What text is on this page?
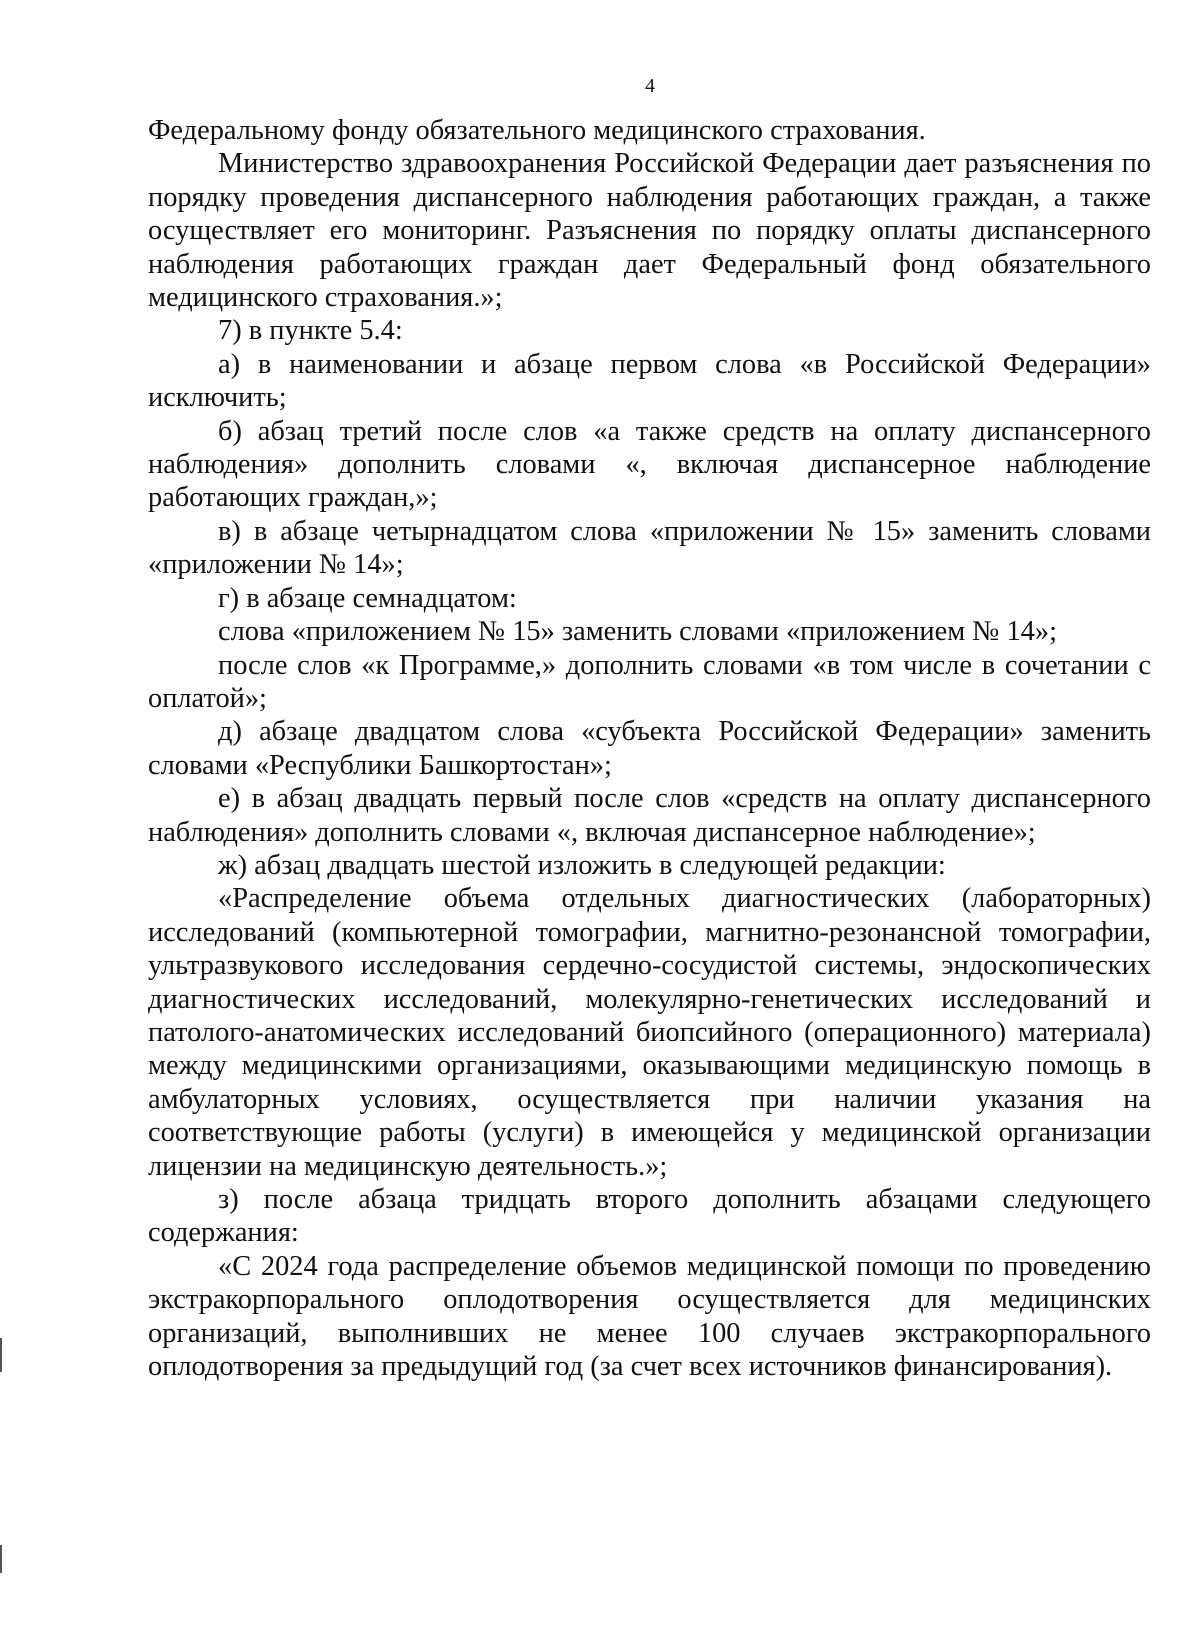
4

Федеральному фонду обязательного медицинского страхования.

Министерство здравоохранения Российской Федерации дает разъяснения по порядку проведения диспансерного наблюдения работающих граждан, а также осуществляет его мониторинг. Разъяснения по порядку оплаты диспансерного наблюдения работающих граждан дает Федеральный фонд обязательного медицинского страхования.»;

7) в пункте 5.4:

а) в наименовании и абзаце первом слова «в Российской Федерации» исключить;

б) абзац третий после слов «а также средств на оплату диспансерного наблюдения» дополнить словами «, включая диспансерное наблюдение работающих граждан,»;

в) в абзаце четырнадцатом слова «приложении № 15» заменить словами «приложении № 14»;

г) в абзаце семнадцатом:

слова «приложением № 15» заменить словами «приложением № 14»;

после слов «к Программе,» дополнить словами «в том числе в сочетании с оплатой»;

д) абзаце двадцатом слова «субъекта Российской Федерации» заменить словами «Республики Башкортостан»;

е) в абзац двадцать первый после слов «средств на оплату диспансерного наблюдения» дополнить словами «, включая диспансерное наблюдение»;

ж) абзац двадцать шестой изложить в следующей редакции:

«Распределение объема отдельных диагностических (лабораторных) исследований (компьютерной томографии, магнитно-резонансной томографии, ультразвукового исследования сердечно-сосудистой системы, эндоскопических диагностических исследований, молекулярно-генетических исследований и патолого-анатомических исследований биопсийного (операционного) материала) между медицинскими организациями, оказывающими медицинскую помощь в амбулаторных условиях, осуществляется при наличии указания на соответствующие работы (услуги) в имеющейся у медицинской организации лицензии на медицинскую деятельность.»;

з) после абзаца тридцать второго дополнить абзацами следующего содержания:

«С 2024 года распределение объемов медицинской помощи по проведению экстракорпорального оплодотворения осуществляется для медицинских организаций, выполнивших не менее 100 случаев экстракорпорального оплодотворения за предыдущий год (за счет всех источников финансирования).
